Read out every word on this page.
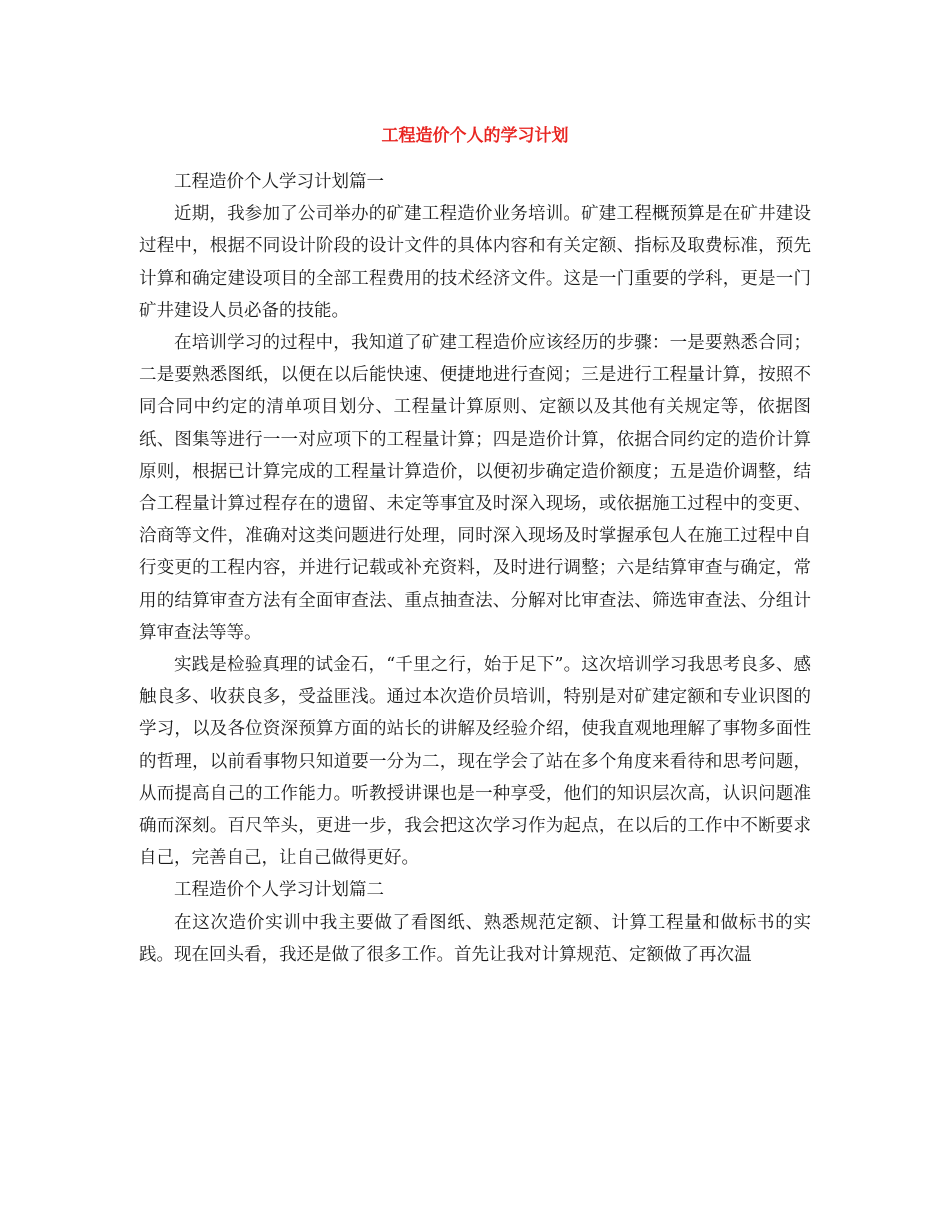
工程造价个人的学习计划

工程造价个人学习计划篇一

近期，我参加了公司举办的矿建工程造价业务培训。矿建工程概预算是在矿井建设过程中，根据不同设计阶段的设计文件的具体内容和有关定额、指标及取费标准，预先计算和确定建设项目的全部工程费用的技术经济文件。这是一门重要的学科，更是一门矿井建设人员必备的技能。

在培训学习的过程中，我知道了矿建工程造价应该经历的步骤：一是要熟悉合同；二是要熟悉图纸，以便在以后能快速、便捷地进行查阅；三是进行工程量计算，按照不同合同中约定的清单项目划分、工程量计算原则、定额以及其他有关规定等，依据图纸、图集等进行一一对应项下的工程量计算；四是造价计算，依据合同约定的造价计算原则，根据已计算完成的工程量计算造价，以便初步确定造价额度；五是造价调整，结合工程量计算过程存在的遗留、未定等事宜及时深入现场，或依据施工过程中的变更、洽商等文件，准确对这类问题进行处理，同时深入现场及时掌握承包人在施工过程中自行变更的工程内容，并进行记载或补充资料，及时进行调整；六是结算审查与确定，常用的结算审查方法有全面审查法、重点抽查法、分解对比审查法、筛选审查法、分组计算审查法等等。

实践是检验真理的试金石，“千里之行，始于足下”。这次培训学习我思考良多、感触良多、收获良多，受益匪浅。通过本次造价员培训，特别是对矿建定额和专业识图的学习，以及各位资深预算方面的站长的讲解及经验介绍，使我直观地理解了事物多面性的哲理，以前看事物只知道要一分为二，现在学会了站在多个角度来看待和思考问题，从而提高自己的工作能力。听教授讲课也是一种享受，他们的知识层次高，认识问题准确而深刻。百尺竿头，更进一步，我会把这次学习作为起点，在以后的工作中不断要求自己，完善自己，让自己做得更好。

工程造价个人学习计划篇二

在这次造价实训中我主要做了看图纸、熟悉规范定额、计算工程量和做标书的实践。现在回头看，我还是做了很多工作。首先让我对计算规范、定额做了再次温
